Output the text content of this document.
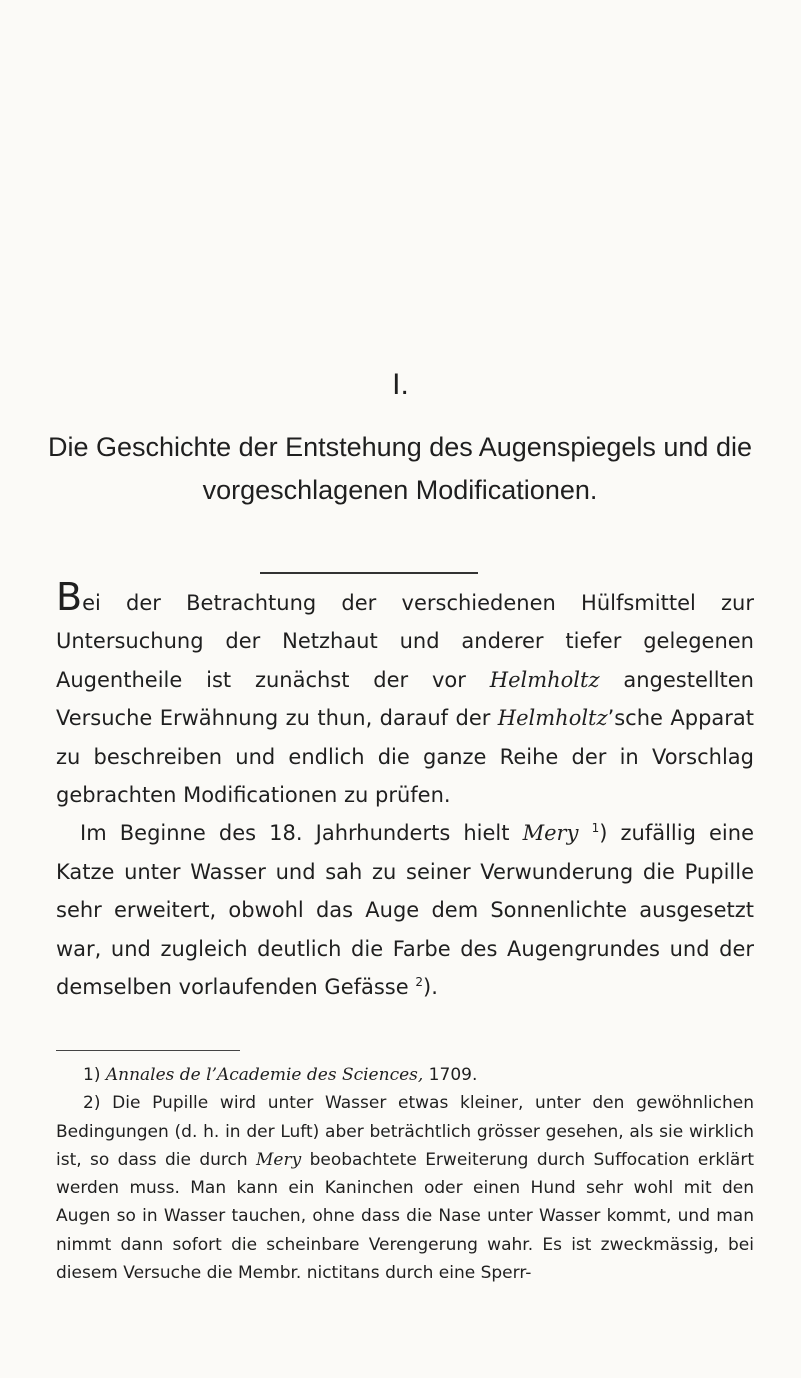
I.
Die Geschichte der Entstehung des Augenspiegels und die
vorgeschlagenen Modificationen.

Bei der Betrachtung der verschiedenen Hülfsmittel zur Untersuchung der Netzhaut und anderer tiefer gelegenen Augentheile ist zunächst der vor Helmholtz angestellten Versuche Erwähnung zu thun, darauf der Helmholtz’sche Apparat zu beschreiben und endlich die ganze Reihe der in Vorschlag gebrachten Modificationen zu prüfen.

Im Beginne des 18. Jahrhunderts hielt Mery $^1$) zufällig eine Katze unter Wasser und sah zu seiner Verwunderung die Pupille sehr erweitert, obwohl das Auge dem Sonnenlichte ausgesetzt war, und zugleich deutlich die Farbe des Augengrundes und der demselben vorlaufenden Gefässe $^2$).

1) Annales de l’Academie des Sciences, 1709.

2) Die Pupille wird unter Wasser etwas kleiner, unter den gewöhnlichen Bedingungen (d. h. in der Luft) aber beträchtlich grösser gesehen, als sie wirklich ist, so dass die durch Mery beobachtete Erweiterung durch Suffocation erklärt werden muss. Man kann ein Kaninchen oder einen Hund sehr wohl mit den Augen so in Wasser tauchen, ohne dass die Nase unter Wasser kommt, und man nimmt dann sofort die scheinbare Verengerung wahr. Es ist zweckmässig, bei diesem Versuche die Membr. nictitans durch eine Sperr-
